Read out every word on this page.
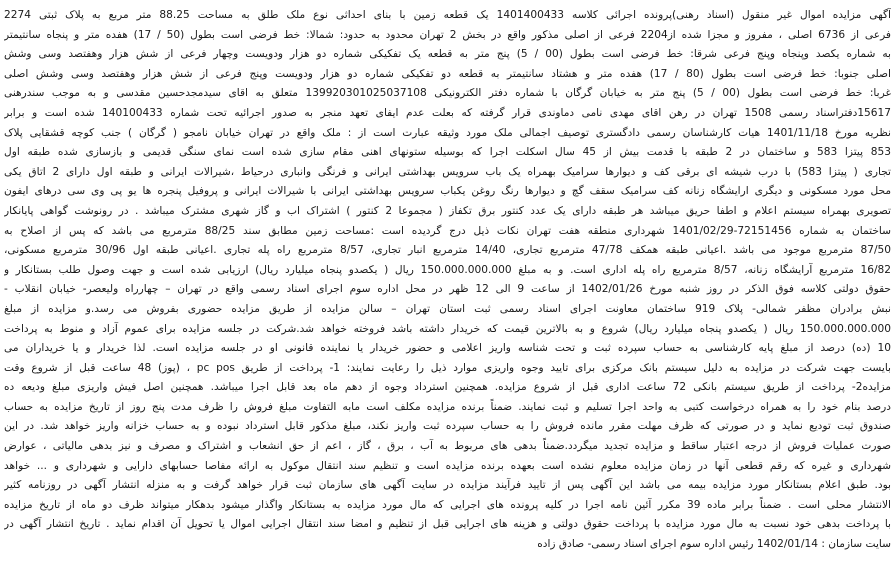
آگهی مزایده اموال غیر منقول (اسناد رهنی)پرونده اجرائی کلاسه 1401400433 یک قطعه زمین با بنای احداثی نوع ملک طلق به مساحت 88.25 متر مربع به پلاک ثبتی 2274
فرعی از 6736 اصلی ، مفروز و مجزا شده از2204 فرعی از اصلی مذکور واقع در بخش 2 تهران محدود به حدود: شمالا: خط فرضی است بطول (50 / 17) هفده متر و پنجاه سانتیمتر
به شماره یکصد وپنجاه وپنج فرعی شرقا: خط فرضی است بطول (00 / 5) پنج متر به قطعه یک تفکیکی شماره دو هزار ودویست وچهار فرعی از شش هزار وهفتصد وسی وشش
اصلی جنوبا: خط فرضی است بطول (80 / 17) هفده متر و هشتاد سانتیمتر به قطعه دو تفکیکی شماره دو هزار ودویست وپنج فرعی از شش هزار وهفتصد وسی وشش اصلی
غربا: خط فرضی است بطول (00 / 5) پنج متر به خیابان گرگان با شماره دفتر الکترونیکی 139920301025037108 متعلق به اقای سیدمجدحسین مقدسی و به موجب سندرهنی
15617دفتراسناد رسمی 1508 تهران در رهن اقای مهدی نامی دماوندی قرار گرفته که بعلت عدم ایفای تعهد منجر به صدور اجرائیه تحت شماره 140100433 شده است و برابر
نظریه مورخ 1401/11/18 هیات کارشناسان رسمی دادگستری توصیف اجمالی ملک مورد وثیقه عبارت است از : ملک واقع در تهران خیابان نامجو ( گرگان ) جنب کوچه قشقایی پلاک
853 پیتزا 583 و ساختمان در 2 طبقه با قدمت بیش از 45 سال اسکلت اجرا که بوسیله ستونهای اهنی مقام سازی شده است نمای سنگی قدیمی و بازسازی شده طبقه اول
تجاری ( پیتزا 583) با درب شیشه ای برقی کف و دیوارها سرامیک بهمراه یک باب سرویس بهداشتی ایرانی و فرنگی وانباری درحیاط ،شیرالات ایرانی و طبقه اول دارای 2 اتاق یکی
محل مورد مسکونی و دیگری ارایشگاه زنانه کف سرامیک سقف گچ و دیوارها رنگ روغن یکباب سرویس بهداشتی ایرانی با شیرالات ایرانی و پروفیل پنجره ها یو پی وی سی درهای ایفون
تصویری بهمراه سیستم اعلام و اطفا حریق میباشد هر طبقه دارای یک عدد کنتور برق تکفاز ( مجموعا 2 کنتور ) اشتراک اب و گاز شهری مشترک میباشد . در رونوشت گواهی پایانکار
ساختمان به شماره 72151456-1401/02/29 شهرداری منطقه هفت تهران نکات ذیل درج گردیده است :مساحت زمین مطابق سند 88/25 مترمربع می باشد که پس از اصلاح به
87/50 مترمربع موجود می باشد .اعیانی طبقه همکف 47/78 مترمربع تجاری، 14/40 مترمربع انبار تجاری، 8/57 مترمربع راه پله تجاری .اعیانی طبقه اول 30/96 مترمربع مسکونی،
16/82 مترمربع آرایشگاه زنانه، 8/57 مترمربع راه پله اداری است. و به مبلغ 150.000.000.000 ریال ( یکصدو پنجاه میلیارد ریال) ارزیابی شده است و جهت وصول طلب بستانکار و
حقوق دولتی کلاسه فوق الذکر در روز شنبه مورخ 1402/01/26 از ساعت 9 الی 12 ظهر در محل اداره سوم اجرای اسناد رسمی واقع در تهران – چهارراه ولیعصر- خیابان انقلاب -
نبش برادران مظفر شمالی- پلاک 919 ساختمان معاونت اجرای اسناد رسمی ثبت استان تهران – سالن مزایده از طریق مزایده حضوری بفروش می رسد.و مزایده از مبلغ
150.000.000.000 ریال ( یکصدو پنجاه میلیارد ریال) شروع و به بالاترین قیمت که خریدار داشته باشد فروخته خواهد شد.شرکت در جلسه مزایده برای عموم آزاد و منوط به پرداخت
10 (ده) درصد از مبلغ پایه کارشناسی به حساب سپرده ثبت و تحت شناسه واریز اعلامی و حضور خریدار یا نماینده قانونی او در جلسه مزایده است. لذا خریدار و یا خریداران می
بایست جهت شرکت در مزایده به دلیل سیستم بانک مرکزی برای تایید وجوه واریزی موارد ذیل را رعایت نمایند: 1- پرداخت از طریق pc pos ، (پوز) 48 ساعت قبل از شروع وقت
مزایده2- پرداخت از طریق سیستم بانکی 72 ساعت اداری قبل از شروع مزایده. همچنین استرداد وجوه از دهم ماه بعد قابل اجرا میباشد. همچنین اصل فیش واریزی مبلغ ودیعه ده
درصد بنام خود را به همراه درخواست کتبی به واحد اجرا تسلیم و ثبت نمایند. ضمناً برنده مزایده مکلف است مابه التفاوت مبلغ فروش را ظرف مدت پنج روز از تاریخ مزایده به حساب
صندوق ثبت تودیع نماید و در صورتی که ظرف مهلت مقرر مانده فروش را به حساب سپرده ثبت واریز نکند، مبلغ مذکور قابل استرداد نبوده و به حساب خزانه واریز خواهد شد. در این
صورت عملیات فروش از درجه اعتبار ساقط و مزایده تجدید میگردد.ضمناً بدهی های مربوط به آب ، برق ، گاز ، اعم از حق انشعاب و اشتراک و مصرف و نیز بدهی مالیاتی ، عوارض
شهرداری و غیره که رقم قطعی آنها در زمان مزایده معلوم نشده است بعهده برنده مزایده است و تنظیم سند انتقال موکول به ارائه مفاصا حسابهای دارایی و شهرداری و ... خواهد
بود. طبق اعلام بستانکار مورد مزایده بیمه می باشد این آگهی پس از تایید فرآیند مزایده در سایت آگهی های سازمان ثبت قرار خواهد گرفت و به منزله انتشار آگهی در روزنامه کثیر
الانتشار محلی است . ضمناً برابر ماده 39 مکرر آئین نامه اجرا در کلیه پرونده های اجرایی که مال مورد مزایده به بستانکار واگذار میشود بدهکار میتواند ظرف دو ماه از تاریخ مزایده
با پرداخت بدهی خود نسبت به مال مورد مزایده با پرداخت حقوق دولتی و هزینه های اجرایی قبل از تنظیم و امضا سند انتقال اجرایی اموال یا تحویل آن اقدام نماید . تاریخ انتشار آگهی در
سایت سازمان : 1402/01/14 رئیس اداره سوم اجرای اسناد رسمی- صادق زاده
